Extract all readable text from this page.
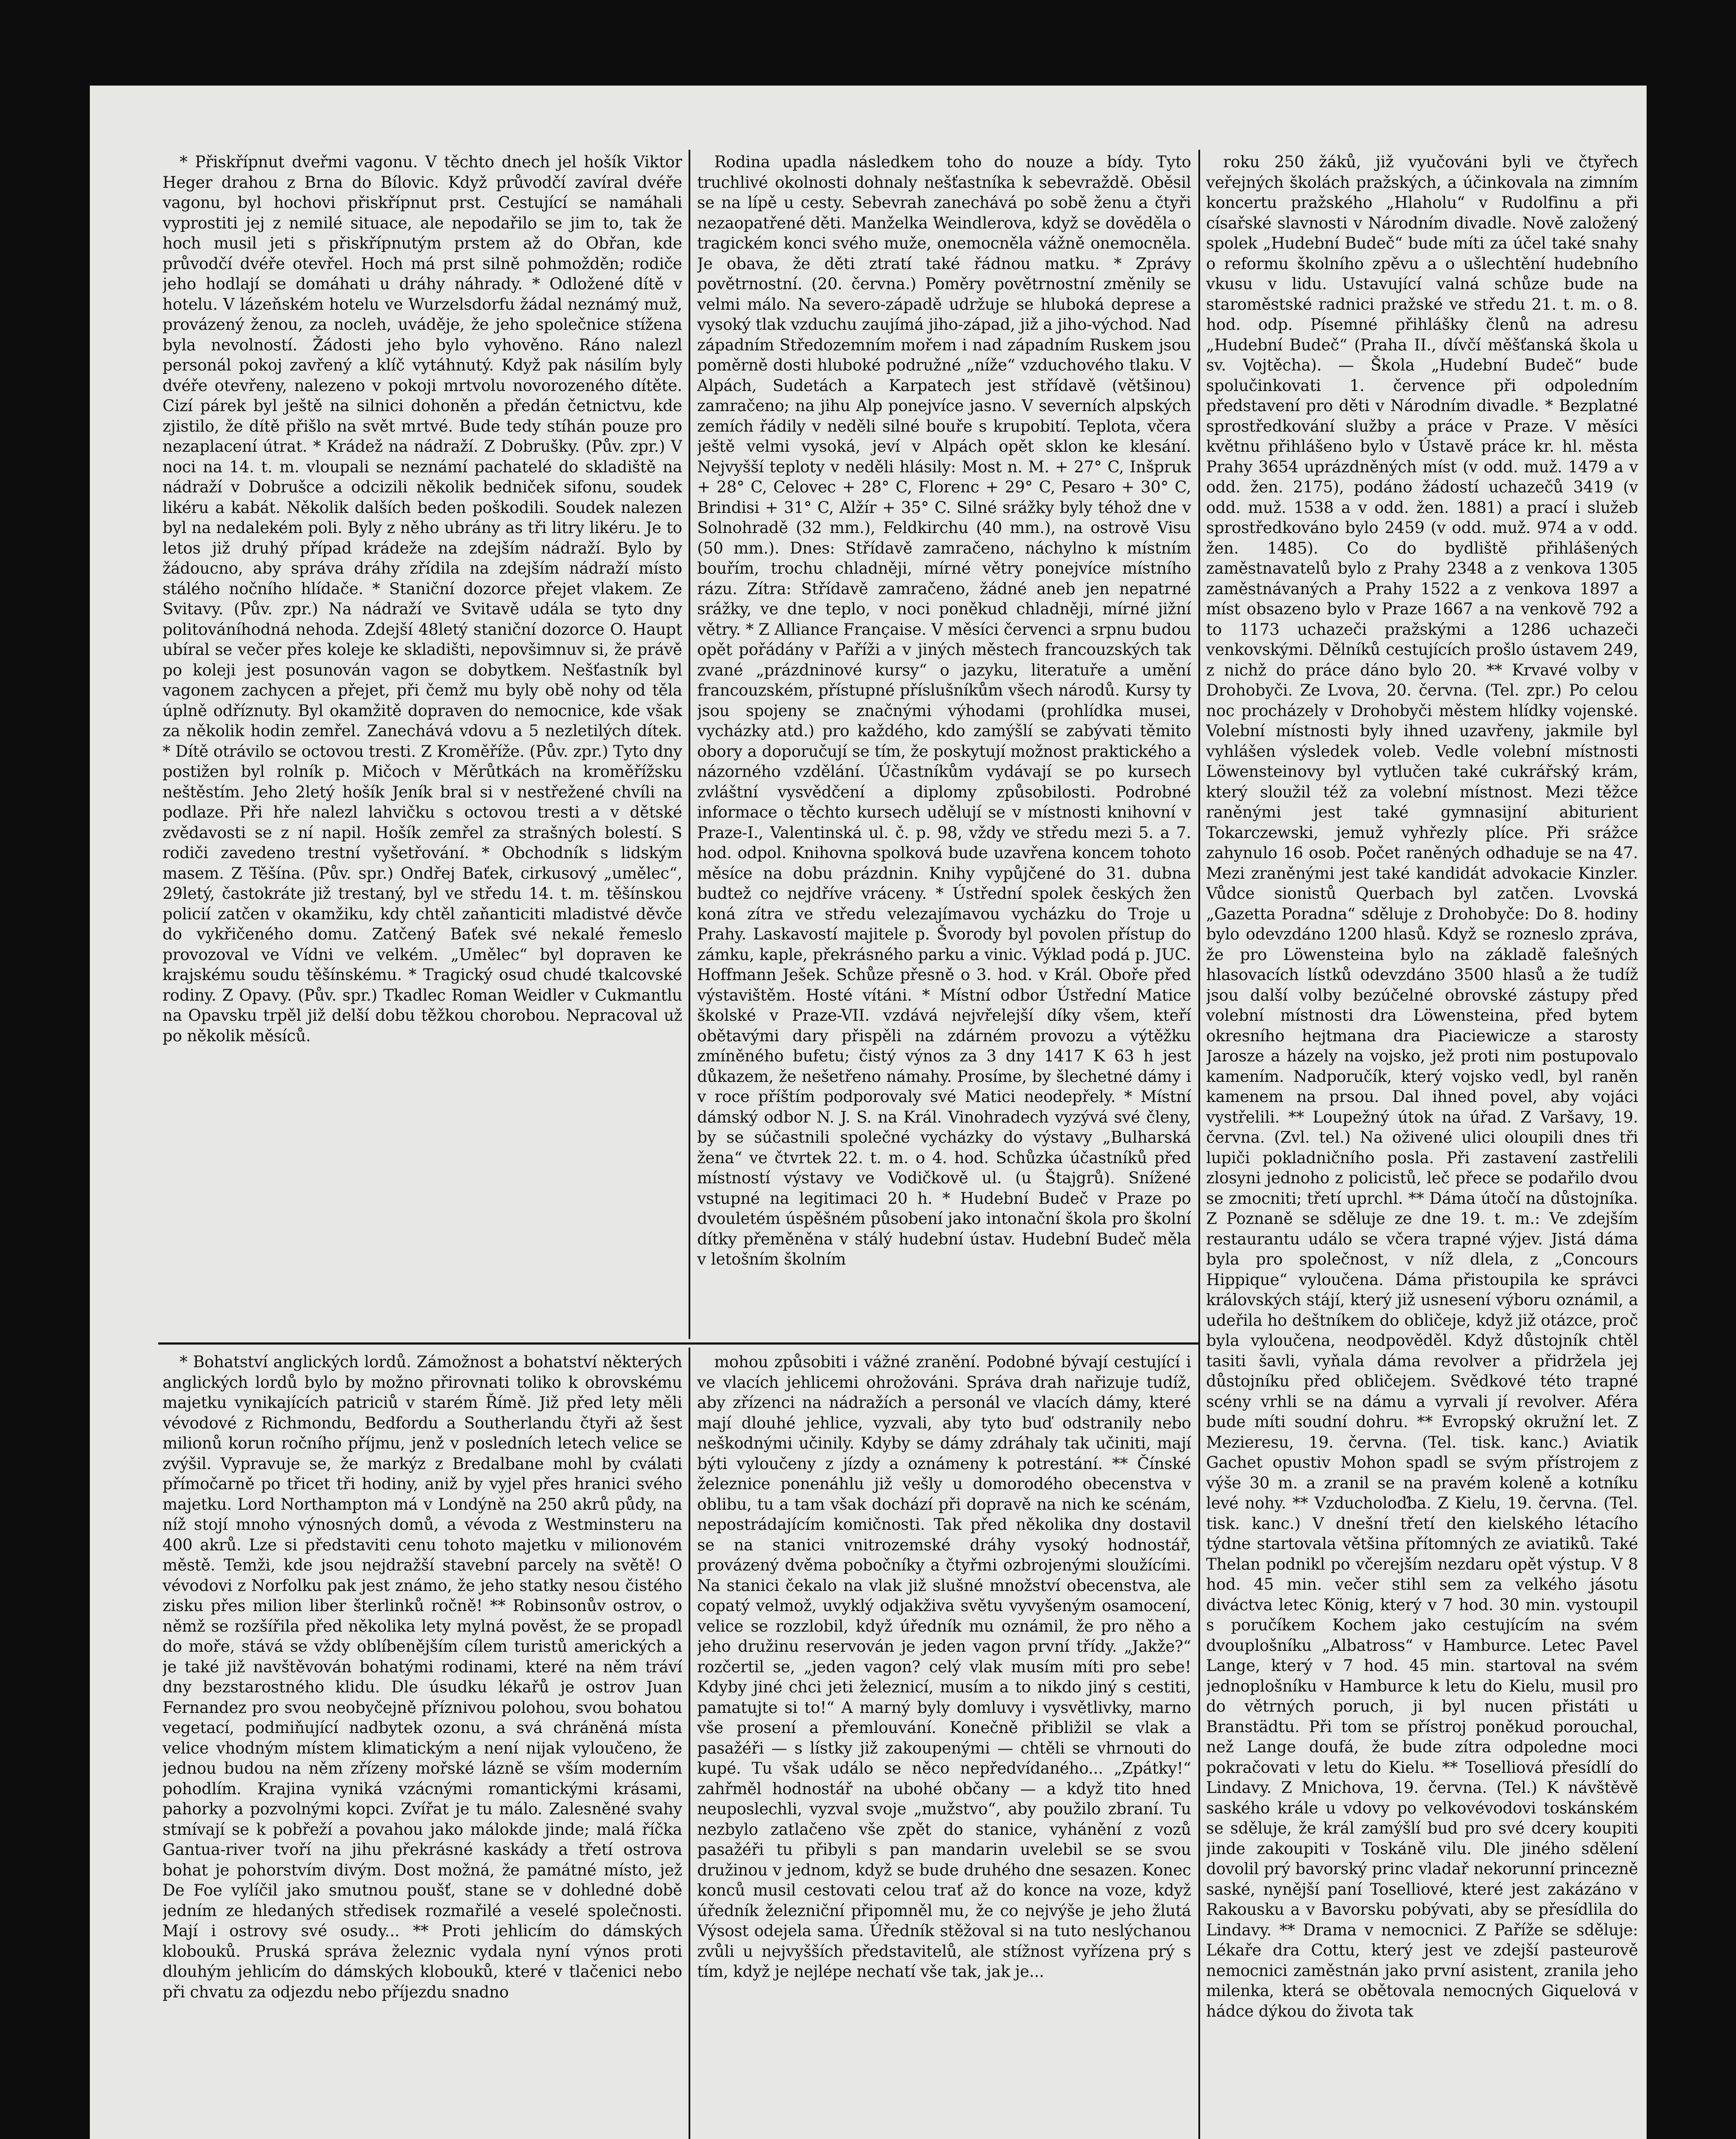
* Přiskřípnut dveřmi vagonu. V těchto dnech jel hošík Viktor Heger drahou z Brna do Bílovic. Když průvodčí zavíral dvéře vagonu, byl hochovi přiskřípnut prst. Cestující se namáhali vyprostiti jej z nemilé situace, ale nepodařilo se jim to, tak že hoch musil jeti s přiskřípnutým prstem až do Obřan, kde průvodčí dvéře otevřel. Hoch má prst silně pohmožděn; rodiče jeho hodlají se domáhati u dráhy náhrady. * Odložené dítě v hotelu. V lázeňském hotelu ve Wurzelsdorfu žádal neznámý muž, provázený ženou, za nocleh, uváděje, že jeho společnice stížena byla nevolností. Žádosti jeho bylo vyhověno. Ráno nalezl personál pokoj zavřený a klíč vytáhnutý. Když pak násilím byly dvéře otevřeny, nalezeno v pokoji mrtvolu novorozeného dítěte. Cizí párek byl ještě na silnici dohoněn a předán četnictvu, kde zjistilo, že dítě přišlo na svět mrtvé. Bude tedy stíhán pouze pro nezaplacení útrat. * Krádež na nádraží. Z Dobrušky. (Pův. zpr.) V noci na 14. t. m. vloupali se neznámí pachatelé do skladiště na nádraží v Dobrušce a odcizili několik bedniček sifonu, soudek likéru a kabát. Několik dalších beden poškodili. Soudek nalezen byl na nedalekém poli. Byly z něho ubrány as tři litry likéru. Je to letos již druhý případ krádeže na zdejším nádraží. Bylo by žádoucno, aby správa dráhy zřídila na zdejším nádraží místo stálého nočního hlídače. * Staniční dozorce přejet vlakem. Ze Svitavy. (Pův. zpr.) Na nádraží ve Svitavě udála se tyto dny politováníhodná nehoda. Zdejší 48letý staniční dozorce O. Haupt ubíral se večer přes koleje ke skladišti, nepovšimnuv si, že právě po koleji jest posunován vagon se dobytkem. Nešťastník byl vagonem zachycen a přejet, při čemž mu byly obě nohy od těla úplně odříznuty. Byl okamžitě dopraven do nemocnice, kde však za několik hodin zemřel. Zanechává vdovu a 5 nezletilých dítek. * Dítě otrávilo se octovou tresti. Z Kroměříže. (Pův. zpr.) Tyto dny postižen byl rolník p. Mičoch v Měrůtkách na kroměřížsku neštěstím. Jeho 2letý hošík Jeník bral si v nestřežené chvíli na podlaze. Při hře nalezl lahvičku s octovou tresti a v dětské zvědavosti se z ní napil. Hošík zemřel za strašných bolestí. S rodiči zavedeno trestní vyšetřování. * Obchodník s lidským masem. Z Těšína. (Pův. spr.) Ondřej Baťek, cirkusový „umělec“, 29letý, častokráte již trestaný, byl ve středu 14. t. m. těšínskou policií zatčen v okamžiku, kdy chtěl zaňanticiti mladistvé děvče do vykřičeného domu. Zatčený Baťek své nekalé řemeslo provozoval ve Vídni ve velkém. „Umělec“ byl dopraven ke krajskému soudu těšínskému. * Tragický osud chudé tkalcovské rodiny. Z Opavy. (Pův. spr.) Tkadlec Roman Weidler v Cukmantlu na Opavsku trpěl již delší dobu těžkou chorobou. Nepracoval už po několik měsíců.

Rodina upadla následkem toho do nouze a bídy. Tyto truchlivé okolnosti dohnaly nešťastníka k sebevraždě. Oběsil se na lípě u cesty. Sebevrah zanechává po sobě ženu a čtyři nezaopatřené děti. Manželka Weindlerova, když se dověděla o tragickém konci svého muže, onemocněla vážně onemocněla. Je obava, že děti ztratí také řádnou matku. * Zprávy povětrnostní. (20. června.) Poměry povětrnostní změnily se velmi málo. Na severo-západě udržuje se hluboká deprese a vysoký tlak vzduchu zaujímá jiho-západ, již a jiho-východ. Nad západním Středozemním mořem i nad západním Ruskem jsou poměrně dosti hluboké podružné „níže“ vzduchového tlaku. V Alpách, Sudetách a Karpatech jest střídavě (většinou) zamračeno; na jihu Alp ponejvíce jasno. V severních alpských zemích řádily v neděli silné bouře s krupobití. Teplota, včera ještě velmi vysoká, jeví v Alpách opět sklon ke klesání. Nejvyšší teploty v neděli hlásily: Most n. M. + 27° C, Inšpruk + 28° C, Celovec + 28° C, Florenc + 29° C, Pesaro + 30° C, Brindisi + 31° C, Alžír + 35° C. Silné srážky byly téhož dne v Solnohradě (32 mm.), Feldkirchu (40 mm.), na ostrově Visu (50 mm.). Dnes: Střídavě zamračeno, náchylno k místním bouřím, trochu chladněji, mírné větry ponejvíce místního rázu. Zítra: Střídavě zamračeno, žádné aneb jen nepatrné srážky, ve dne teplo, v noci poněkud chladněji, mírné jižní větry. * Z Alliance Française. V měsíci červenci a srpnu budou opět pořádány v Paříži a v jiných městech francouzských tak zvané „prázdninové kursy“ o jazyku, literatuře a umění francouzském, přístupné příslušníkům všech národů. Kursy ty jsou spojeny se značnými výhodami (prohlídka musei, vycházky atd.) pro každého, kdo zamýšlí se zabývati těmito obory a doporučují se tím, že poskytují možnost praktického a názorného vzdělání. Účastníkům vydávají se po kursech zvláštní vysvědčení a diplomy způsobilosti. Podrobné informace o těchto kursech udělují se v místnosti knihovní v Praze-I., Valentinská ul. č. p. 98, vždy ve středu mezi 5. a 7. hod. odpol. Knihovna spolková bude uzavřena koncem tohoto měsíce na dobu prázdnin. Knihy vypůjčené do 31. dubna budtež co nejdříve vráceny. * Ústřední spolek českých žen koná zítra ve středu velezajímavou vycházku do Troje u Prahy. Laskavostí majitele p. Švorody byl povolen přístup do zámku, kaple, překrásného parku a vinic. Výklad podá p. JUC. Hoffmann Ješek. Schůze přesně o 3. hod. v Král. Oboře před výstavištěm. Hosté vítáni. * Místní odbor Ústřední Matice školské v Praze-VII. vzdává nejvřelejší díky všem, kteří obětavými dary přispěli na zdárném provozu a výtěžku zmíněného bufetu; čistý výnos za 3 dny 1417 K 63 h jest důkazem, že nešetřeno námahy. Prosíme, by šlechetné dámy i v roce příštím podporovaly své Matici neodepřely. * Místní dámský odbor N. J. S. na Král. Vinohradech vyzývá své členy, by se súčastnili společné vycházky do výstavy „Bulharská žena“ ve čtvrtek 22. t. m. o 4. hod. Schůzka účastníků před místností výstavy ve Vodičkově ul. (u Štajgrů). Snížené vstupné na legitimaci 20 h. * Hudební Budeč v Praze po dvouletém úspěšném působení jako intonační škola pro školní dítky přeměněna v stálý hudební ústav. Hudební Budeč měla v letošním školním

* Bohatství anglických lordů. Zámožnost a bohatství některých anglických lordů bylo by možno přirovnati toliko k obrovskému majetku vynikajících patriciů v starém Římě. Již před lety měli vévodové z Richmondu, Bedfordu a Southerlandu čtyři až šest milionů korun ročního příjmu, jenž v posledních letech velice se zvýšil. Vypravuje se, že markýz z Bredalbane mohl by cválati přímočarně po třicet tři hodiny, aniž by vyjel přes hranici svého majetku. Lord Northampton má v Londýně na 250 akrů půdy, na níž stojí mnoho výnosných domů, a vévoda z Westminsteru na 400 akrů. Lze si představiti cenu tohoto majetku v milionovém městě. Temži, kde jsou nejdražší stavební parcely na světě! O vévodovi z Norfolku pak jest známo, že jeho statky nesou čistého zisku přes milion liber šterlinků ročně! ** Robinsonův ostrov, o němž se rozšířila před několika lety mylná pověst, že se propadl do moře, stává se vždy oblíbenějším cílem turistů amerických a je také již navštěvován bohatými rodinami, které na něm tráví dny bezstarostného klidu. Dle úsudku lékařů je ostrov Juan Fernandez pro svou neobyčejně příznivou polohou, svou bohatou vegetací, podmiňující nadbytek ozonu, a svá chráněná místa velice vhodným místem klimatickým a není nijak vyloučeno, že jednou budou na něm zřízeny mořské lázně se vším moderním pohodlím. Krajina vyniká vzácnými romantickými krásami, pahorky a pozvolnými kopci. Zvířat je tu málo. Zalesněné svahy stmívají se k pobřeží a povahou jako málokde jinde; malá říčka Gantua-river tvoří na jihu překrásné kaskády a třetí ostrova bohat je pohorstvím divým. Dost možná, že památné místo, jež De Foe vylíčil jako smutnou poušť, stane se v dohledné době jedním ze hledaných středisek rozmařilé a veselé společnosti. Mají i ostrovy své osudy... ** Proti jehlicím do dámských klobouků. Pruská správa železnic vydala nyní výnos proti dlouhým jehlicím do dámských klobouků, které v tlačenici nebo při chvatu za odjezdu nebo příjezdu snadno

mohou způsobiti i vážné zranění. Podobné bývají cestující i ve vlacích jehlicemi ohrožováni. Správa drah nařizuje tudíž, aby zřízenci na nádražích a personál ve vlacích dámy, které mají dlouhé jehlice, vyzvali, aby tyto buď odstranily nebo neškodnými učinily. Kdyby se dámy zdráhaly tak učiniti, mají býti vyloučeny z jízdy a oznámeny k potrestání. ** Čínské železnice ponenáhlu již vešly u domorodého obecenstva v oblibu, tu a tam však dochází při dopravě na nich ke scénám, nepostrádajícím komičnosti. Tak před několika dny dostavil se na stanici vnitrozemské dráhy vysoký hodnostář, provázený dvěma pobočníky a čtyřmi ozbrojenými sloužícími. Na stanici čekalo na vlak již slušné množství obecenstva, ale copatý velmož, uvyklý odjakživa světu vyvyšeným osamocení, velice se rozzlobil, když úředník mu oznámil, že pro něho a jeho družinu reservován je jeden vagon první třídy. „Jakže?“ rozčertil se, „jeden vagon? celý vlak musím míti pro sebe! Kdyby jiné chci jeti železnicí, musím a to nikdo jiný s cestiti, pamatujte si to!“ A marný byly domluvy i vysvětlivky, marno vše prosení a přemlouvání. Konečně přibližil se vlak a pasažéři — s lístky již zakoupenými — chtěli se vhrnouti do kupé. Tu však událo se něco nepředvídaného... „Zpátky!“ zahřměl hodnostář na ubohé občany — a když tito hned neuposlechli, vyzval svoje „mužstvo“, aby použilo zbraní. Tu nezbylo zatlačeno vše zpět do stanice, vyhánění z vozů pasažéři tu přibyli s pan mandarin uvelebil se se svou družinou v jednom, když se bude druhého dne sesazen. Konec konců musil cestovati celou trať až do konce na voze, když úředník železniční připomněl mu, že co nejvýše je jeho žlutá Výsost odejela sama. Úředník stěžoval si na tuto neslýchanou zvůli u nejvyšších představitelů, ale stížnost vyřízena prý s tím, když je nejlépe nechatí vše tak, jak je...

roku 250 žáků, již vyučováni byli ve čtyřech veřejných školách pražských, a účinkovala na zimním koncertu pražského „Hlaholu“ v Rudolfinu a při císařské slavnosti v Národním divadle. Nově založený spolek „Hudební Budeč“ bude míti za účel také snahy o reformu školního zpěvu a o ušlechtění hudebního vkusu v lidu. Ustavující valná schůze bude na staroměstské radnici pražské ve středu 21. t. m. o 8. hod. odp. Písemné přihlášky členů na adresu „Hudební Budeč“ (Praha II., dívčí měšťanská škola u sv. Vojtěcha). — Škola „Hudební Budeč“ bude spolučinkovati 1. července při odpoledním představení pro děti v Národním divadle. * Bezplatné sprostředkování služby a práce v Praze. V měsíci květnu přihlášeno bylo v Ústavě práce kr. hl. města Prahy 3654 uprázdněných míst (v odd. muž. 1479 a v odd. žen. 2175), podáno žádostí uchazečů 3419 (v odd. muž. 1538 a v odd. žen. 1881) a prací i služeb sprostředkováno bylo 2459 (v odd. muž. 974 a v odd. žen. 1485). Co do bydliště přihlášených zaměstnavatelů bylo z Prahy 2348 a z venkova 1305 zaměstnávaných a Prahy 1522 a z venkova 1897 a míst obsazeno bylo v Praze 1667 a na venkově 792 a to 1173 uchazeči pražskými a 1286 uchazeči venkovskými. Dělníků cestujících prošlo ústavem 249, z nichž do práce dáno bylo 20. ** Krvavé volby v Drohobyči. Ze Lvova, 20. června. (Tel. zpr.) Po celou noc procházely v Drohobyči městem hlídky vojenské. Volební místnosti byly ihned uzavřeny, jakmile byl vyhlášen výsledek voleb. Vedle volební místnosti Löwensteinovy byl vytlučen také cukrářský krám, který sloužil též za volební místnost. Mezi těžce raněnými jest také gymnasijní abiturient Tokarczewski, jemuž vyhřezly plíce. Při srážce zahynulo 16 osob. Počet raněných odhaduje se na 47. Mezi zraněnými jest také kandidát advokacie Kinzler. Vůdce sionistů Querbach byl zatčen. Lvovská „Gazetta Poradna“ sděluje z Drohobyče: Do 8. hodiny bylo odevzdáno 1200 hlasů. Když se rozneslo zpráva, že pro Löwensteina bylo na základě falešných hlasovacích lístků odevzdáno 3500 hlasů a že tudíž jsou další volby bezúčelné obrovské zástupy před volební místnosti dra Löwensteina, před bytem okresního hejtmana dra Piaciewicze a starosty Jarosze a házely na vojsko, jež proti nim postupovalo kamením. Nadporučík, který vojsko vedl, byl raněn kamenem na prsou. Dal ihned povel, aby vojáci vystřelili. ** Loupežný útok na úřad. Z Varšavy, 19. června. (Zvl. tel.) Na oživené ulici oloupili dnes tři lupiči pokladničního posla. Při zastavení zastřelili zlosyni jednoho z policistů, leč přece se podařilo dvou se zmocniti; třetí uprchl. ** Dáma útočí na důstojníka. Z Poznaně se sděluje ze dne 19. t. m.: Ve zdejším restaurantu událo se včera trapné výjev. Jistá dáma byla pro společnost, v níž dlela, z „Concours Hippique“ vyloučena. Dáma přistoupila ke správci královských stájí, který již usnesení výboru oznámil, a udeřila ho deštníkem do obličeje, když již otázce, proč byla vyloučena, neodpověděl. Když důstojník chtěl tasiti šavli, vyňala dáma revolver a přidržela jej důstojníku před obličejem. Svědkové této trapné scény vrhli se na dámu a vyrvali jí revolver. Aféra bude míti soudní dohru. ** Evropský okružní let. Z Mezieresu, 19. června. (Tel. tisk. kanc.) Aviatik Gachet opustiv Mohon spadl se svým přístrojem z výše 30 m. a zranil se na pravém koleně a kotníku levé nohy. ** Vzducholoďba. Z Kielu, 19. června. (Tel. tisk. kanc.) V dnešní třetí den kielského létacího týdne startovala většina přítomných ze aviatiků. Také Thelan podnikl po včerejším nezdaru opět výstup. V 8 hod. 45 min. večer stihl sem za velkého jásotu diváctva letec König, který v 7 hod. 30 min. vystoupil s poručíkem Kochem jako cestujícím na svém dvouplošníku „Albatross“ v Hamburce. Letec Pavel Lange, který v 7 hod. 45 min. startoval na svém jednoplošníku v Hamburce k letu do Kielu, musil pro do větrných poruch, ji byl nucen přistáti u Branstädtu. Při tom se přístroj poněkud porouchal, než Lange doufá, že bude zítra odpoledne moci pokračovati v letu do Kielu. ** Toselliová přesídlí do Lindavy. Z Mnichova, 19. června. (Tel.) K návštěvě saského krále u vdovy po velkovévodovi toskánském se sděluje, že král zamýšlí bud pro své dcery koupiti jinde zakoupiti v Toskáně vilu. Dle jiného sdělení dovolil prý bavorský princ vladař nekorunní princezně saské, nynější paní Toselliové, které jest zakázáno v Rakousku a v Bavorsku pobývati, aby se přesídlila do Lindavy. ** Drama v nemocnici. Z Paříže se sděluje: Lékaře dra Cottu, který jest ve zdejší pasteurově nemocnici zaměstnán jako první asistent, zranila jeho milenka, která se obětovala nemocných Giquelová v hádce dýkou do života tak
